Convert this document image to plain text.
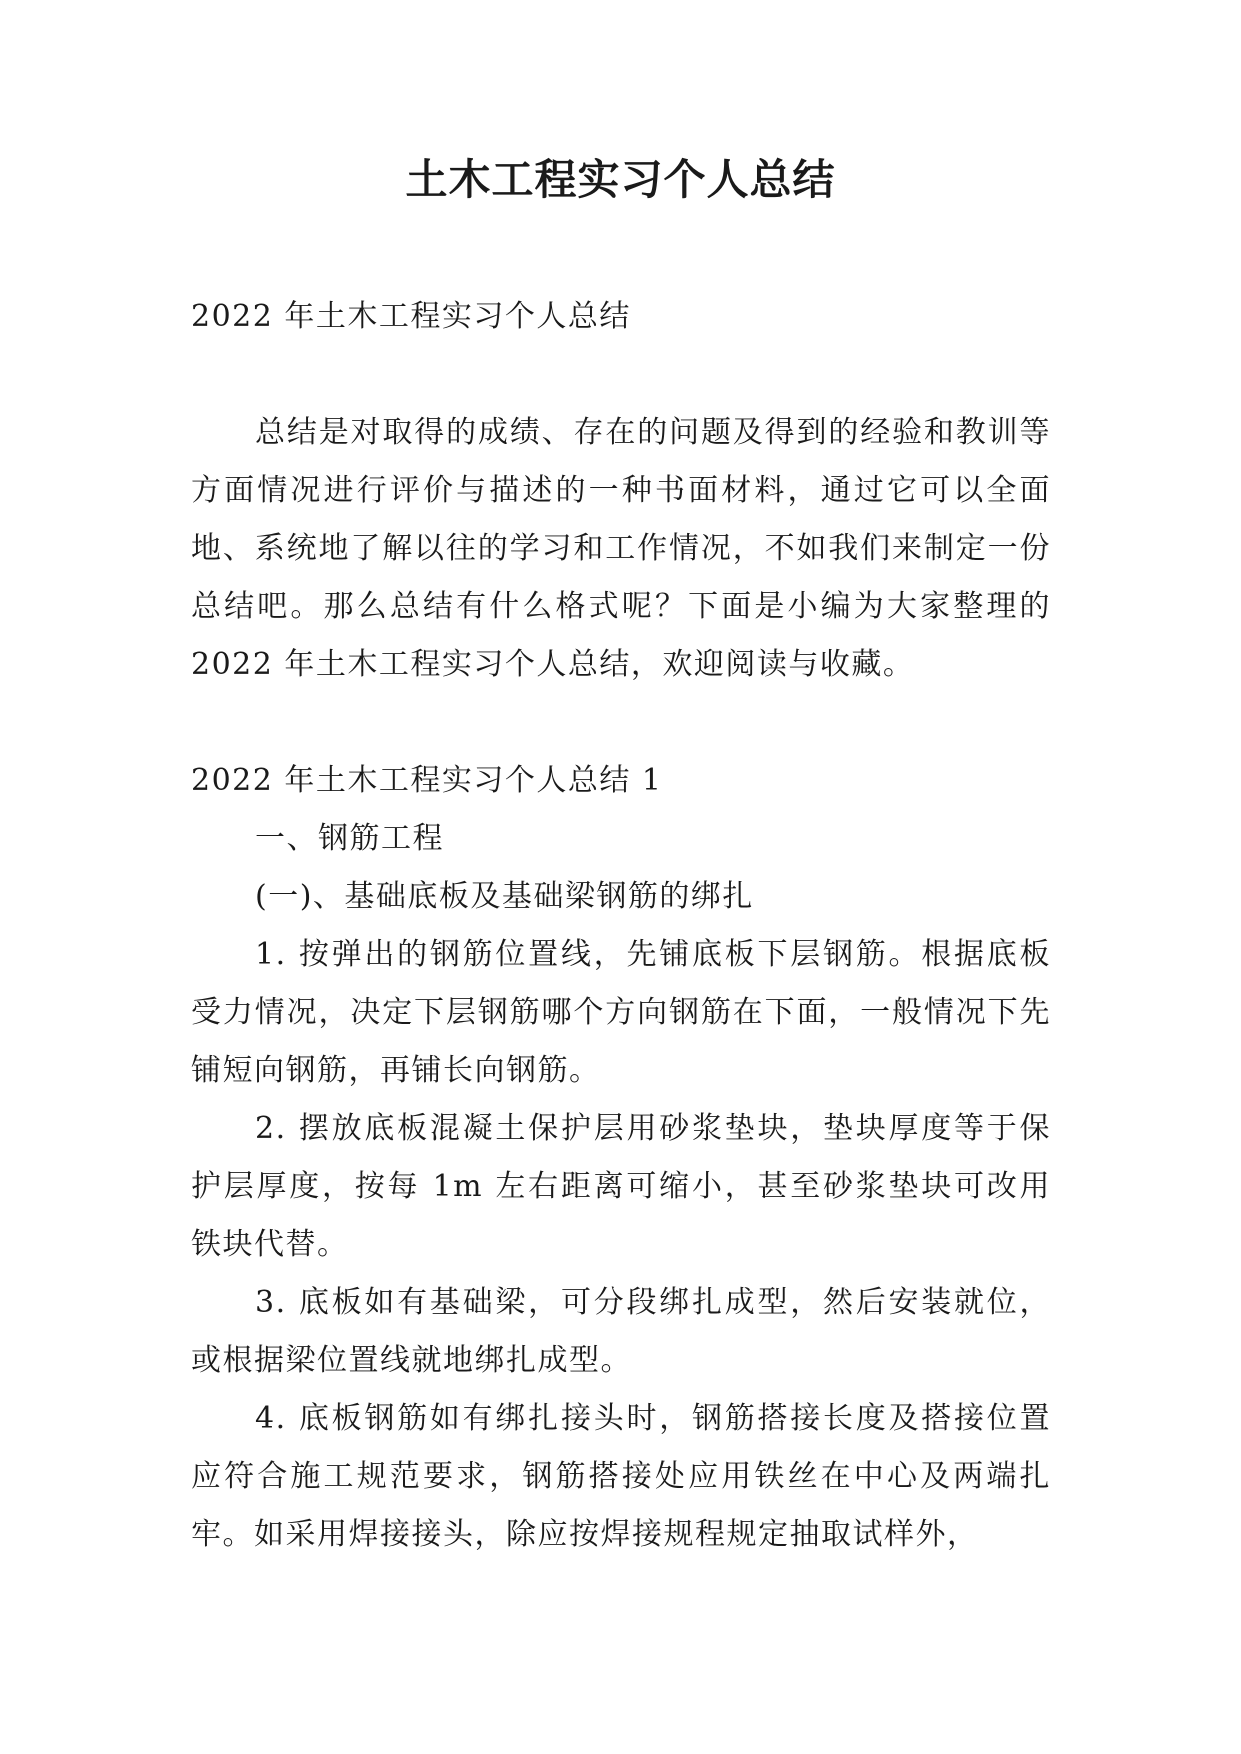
土木工程实习个人总结

2022 年土木工程实习个人总结

总结是对取得的成绩、存在的问题及得到的经验和教训等方面情况进行评价与描述的一种书面材料，通过它可以全面地、系统地了解以往的学习和工作情况，不如我们来制定一份总结吧。那么总结有什么格式呢？下面是小编为大家整理的 2022 年土木工程实习个人总结，欢迎阅读与收藏。

2022 年土木工程实习个人总结 1

一、钢筋工程

(一)、基础底板及基础梁钢筋的绑扎

1. 按弹出的钢筋位置线，先铺底板下层钢筋。根据底板受力情况，决定下层钢筋哪个方向钢筋在下面，一般情况下先铺短向钢筋，再铺长向钢筋。

2. 摆放底板混凝土保护层用砂浆垫块，垫块厚度等于保护层厚度，按每 1m 左右距离可缩小，甚至砂浆垫块可改用铁块代替。

3. 底板如有基础梁，可分段绑扎成型，然后安装就位，或根据梁位置线就地绑扎成型。

4. 底板钢筋如有绑扎接头时，钢筋搭接长度及搭接位置应符合施工规范要求，钢筋搭接处应用铁丝在中心及两端扎牢。如采用焊接接头，除应按焊接规程规定抽取试样外，
